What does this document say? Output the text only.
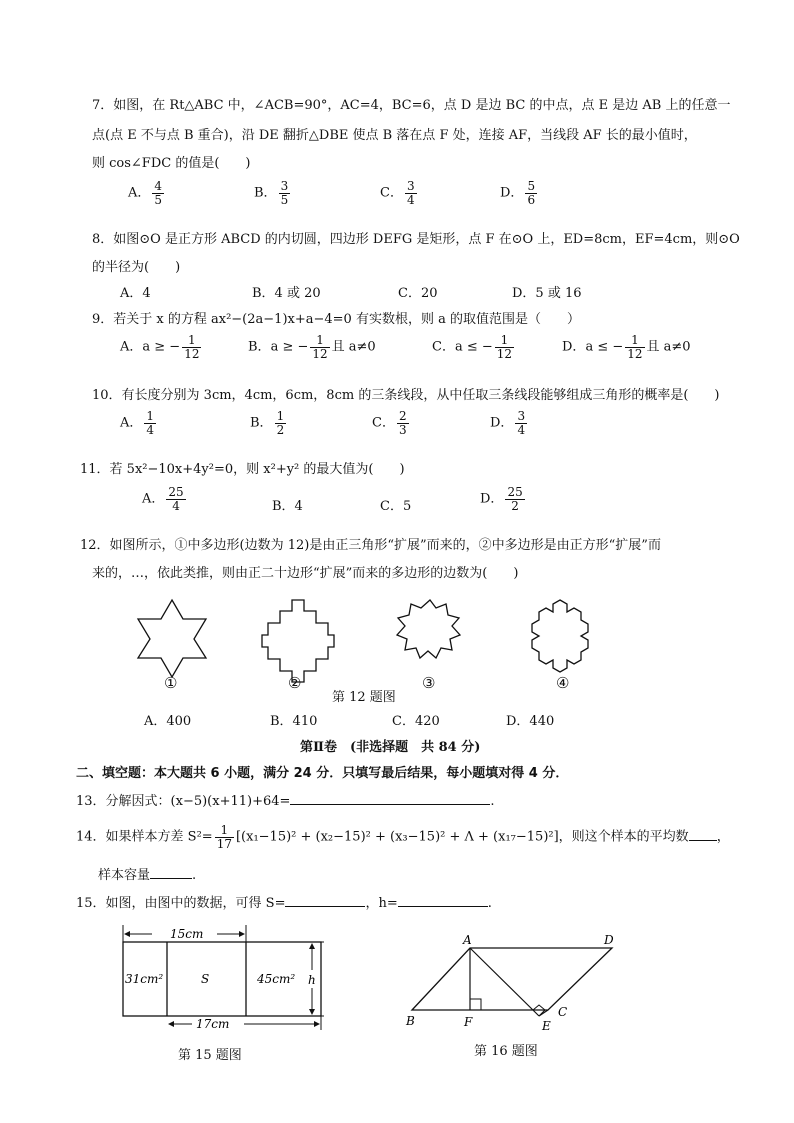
7．如图，在 Rt△ABC 中，∠ACB=90°，AC=4，BC=6，点 D 是边 BC 的中点，点 E 是边 AB 上的任意一
点(点 E 不与点 B 重合)，沿 DE 翻折△DBE 使点 B 落在点 F 处，连接 AF，当线段 AF 长的最小值时，
则 cos∠FDC 的值是(　　)
A． $\frac{4}{5}$	B． $\frac{3}{5}$	C． $\frac{3}{4}$	D． $\frac{5}{6}$
8．如图⊙O 是正方形 ABCD 的内切圆，四边形 DEFG 是矩形，点 F 在⊙O 上，ED=8cm，EF=4cm，则⊙O
的半径为(　　)
A．4	B．4 或 20	C．20	D．5 或 16
9．若关于 x 的方程 ax²−(2a−1)x+a−4=0 有实数根，则 a 的取值范围是（　　）
A．a ≥ − $\frac{1}{12}$	B．a ≥ − $\frac{1}{12}$ 且 a≠0	C．a ≤ − $\frac{1}{12}$	D．a ≤ − $\frac{1}{12}$ 且 a≠0
10．有长度分别为 3cm，4cm，6cm，8cm 的三条线段，从中任取三条线段能够组成三角形的概率是(　　)
A． $\frac{1}{4}$	B． $\frac{1}{2}$	C． $\frac{2}{3}$	D． $\frac{3}{4}$
11．若 5x²−10x+4y²=0，则 x²+y² 的最大值为(　　)
A． $\frac{25}{4}$	B．4	C．5	D． $\frac{25}{2}$
12．如图所示，①中多边形(边数为 12)是由正三角形“扩展”而来的，②中多边形是由正方形“扩展”而
来的，…，依此类推，则由正二十边形“扩展”而来的多边形的边数为(　　)
①	②	③	④
第 12 题图
A．400	B．410	C．420	D．440
第Ⅱ卷　(非选择题　共 84 分)
二、填空题：本大题共 6 小题，满分 24 分．只填写最后结果，每小题填对得 4 分．
13．分解因式：(x−5)(x+11)+64=	.
14．如果样本方差 $S^2= \frac{1}{17} [(x_1-15)^2 + (x_2-15)^2 + (x_3-15)^2 + \Lambda + (x_{17}-15)^2]$，则这个样本的平均数 ，
样本容量	.
15．如图，由图中的数据，可得 S=	，h=	.
15cm
31cm²	S	45cm² h
17cm
第 15 题图
A	D
B	F	E
C
第 16 题图
